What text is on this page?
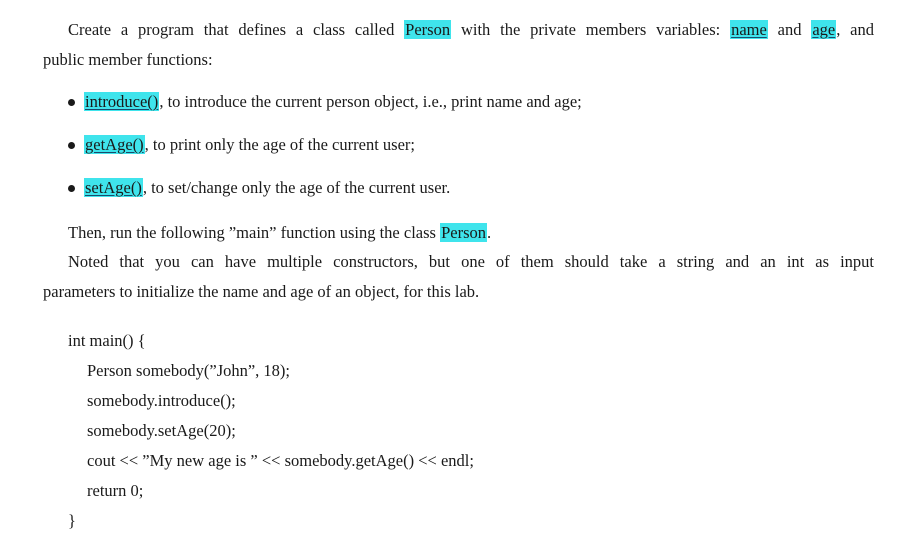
Create a program that defines a class called Person with the private members variables: name and age, and
public member functions:
introduce(), to introduce the current person object, i.e., print name and age;
getAge(), to print only the age of the current user;
setAge(), to set/change only the age of the current user.
Then, run the following ”main” function using the class Person.
Noted that you can have multiple constructors, but one of them should take a string and an int as input
parameters to initialize the name and age of an object, for this lab.
int main() {
Person somebody(”John”, 18);
somebody.introduce();
somebody.setAge(20);
cout << ”My new age is ” << somebody.getAge() << endl;
return 0;
}
